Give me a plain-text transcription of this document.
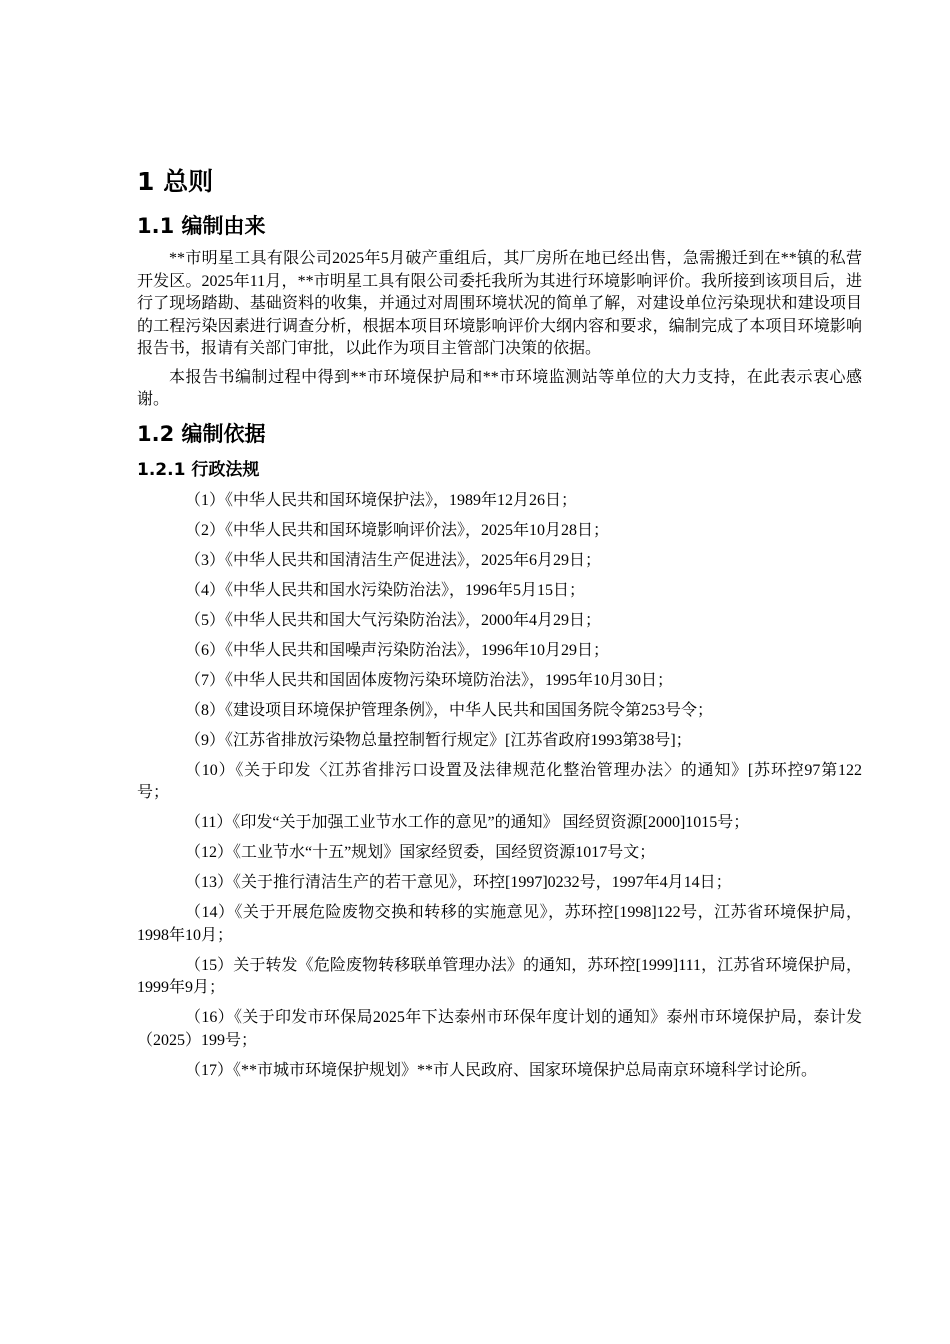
1 总则
1.1 编制由来

**市明星工具有限公司2025年5月破产重组后，其厂房所在地已经出售，急需搬迁到在**镇的私营开发区。2025年11月，**市明星工具有限公司委托我所为其进行环境影响评价。我所接到该项目后，进行了现场踏勘、基础资料的收集，并通过对周围环境状况的简单了解，对建设单位污染现状和建设项目的工程污染因素进行调查分析，根据本项目环境影响评价大纲内容和要求，编制完成了本项目环境影响报告书，报请有关部门审批，以此作为项目主管部门决策的依据。

本报告书编制过程中得到**市环境保护局和**市环境监测站等单位的大力支持，在此表示衷心感谢。

1.2 编制依据
1.2.1 行政法规
（1）《中华人民共和国环境保护法》，1989年12月26日；
（2）《中华人民共和国环境影响评价法》，2025年10月28日；
（3）《中华人民共和国清洁生产促进法》，2025年6月29日；
（4）《中华人民共和国水污染防治法》，1996年5月15日；
（5）《中华人民共和国大气污染防治法》，2000年4月29日；
（6）《中华人民共和国噪声污染防治法》，1996年10月29日；
（7）《中华人民共和国固体废物污染环境防治法》，1995年10月30日；
（8）《建设项目环境保护管理条例》，中华人民共和国国务院令第253号令；
（9）《江苏省排放污染物总量控制暂行规定》[江苏省政府1993第38号]；
（10）《关于印发〈江苏省排污口设置及法律规范化整治管理办法〉的通知》[苏环控97第122号；
（11）《印发“关于加强工业节水工作的意见”的通知》 国经贸资源[2000]1015号；
（12）《工业节水“十五”规划》国家经贸委，国经贸资源1017号文；
（13）《关于推行清洁生产的若干意见》，环控[1997]0232号，1997年4月14日；
（14）《关于开展危险废物交换和转移的实施意见》，苏环控[1998]122号，江苏省环境保护局，1998年10月；
（15）关于转发《危险废物转移联单管理办法》的通知，苏环控[1999]111，江苏省环境保护局，1999年9月；
（16）《关于印发市环保局2025年下达泰州市环保年度计划的通知》泰州市环境保护局，泰计发（2025）199号；
（17）《**市城市环境保护规划》**市人民政府、国家环境保护总局南京环境科学讨论所。
